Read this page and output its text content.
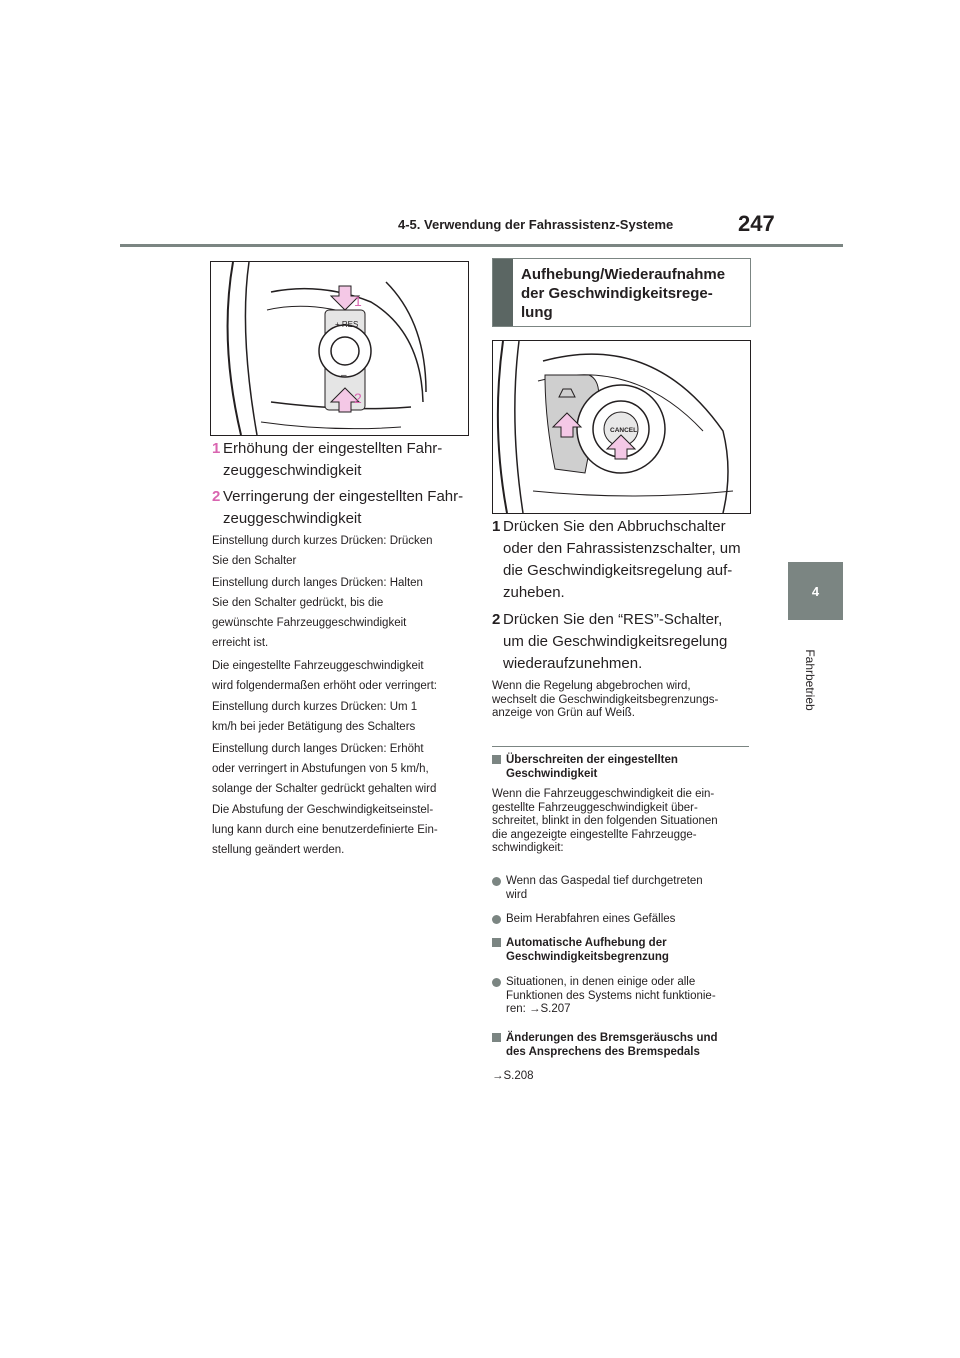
4-5. Verwendung der Fahrassistenz-Systeme	247
4
Fahrbetrieb
+ RES
–
1
2
1 Erhöhung der eingestellten Fahr-
zeuggeschwindigkeit
2 Verringerung der eingestellten Fahr-
zeuggeschwindigkeit
Einstellung durch kurzes Drücken: Drücken
Sie den Schalter
Einstellung durch langes Drücken: Halten
Sie den Schalter gedrückt, bis die
gewünschte Fahrzeuggeschwindigkeit
erreicht ist.
Die eingestellte Fahrzeuggeschwindigkeit
wird folgendermaßen erhöht oder verringert:
Einstellung durch kurzes Drücken: Um 1
km/h bei jeder Betätigung des Schalters
Einstellung durch langes Drücken: Erhöht
oder verringert in Abstufungen von 5 km/h,
solange der Schalter gedrückt gehalten wird
Die Abstufung der Geschwindigkeitseinstel-
lung kann durch eine benutzerdefinierte Ein-
stellung geändert werden.
Aufhebung/Wiederaufnahme
der Geschwindigkeitsrege-
lung
CANCEL
1 Drücken Sie den Abbruchschalter
oder den Fahrassistenzschalter, um
die Geschwindigkeitsregelung auf-
zuheben.
2 Drücken Sie den “RES”-Schalter,
um die Geschwindigkeitsregelung
wiederaufzunehmen.
Wenn die Regelung abgebrochen wird,
wechselt die Geschwindigkeitsbegrenzungs-
anzeige von Grün auf Weiß.
Überschreiten der eingestellten
Geschwindigkeit
Wenn die Fahrzeuggeschwindigkeit die ein-
gestellte Fahrzeuggeschwindigkeit über-
schreitet, blinkt in den folgenden Situationen
die angezeigte eingestellte Fahrzeugge-
schwindigkeit:
Wenn das Gaspedal tief durchgetreten
wird
Beim Herabfahren eines Gefälles
Automatische Aufhebung der
Geschwindigkeitsbegrenzung
Situationen, in denen einige oder alle
Funktionen des Systems nicht funktionie-
ren: →S.207
Änderungen des Bremsgeräuschs und
des Ansprechens des Bremspedals
→S.208
